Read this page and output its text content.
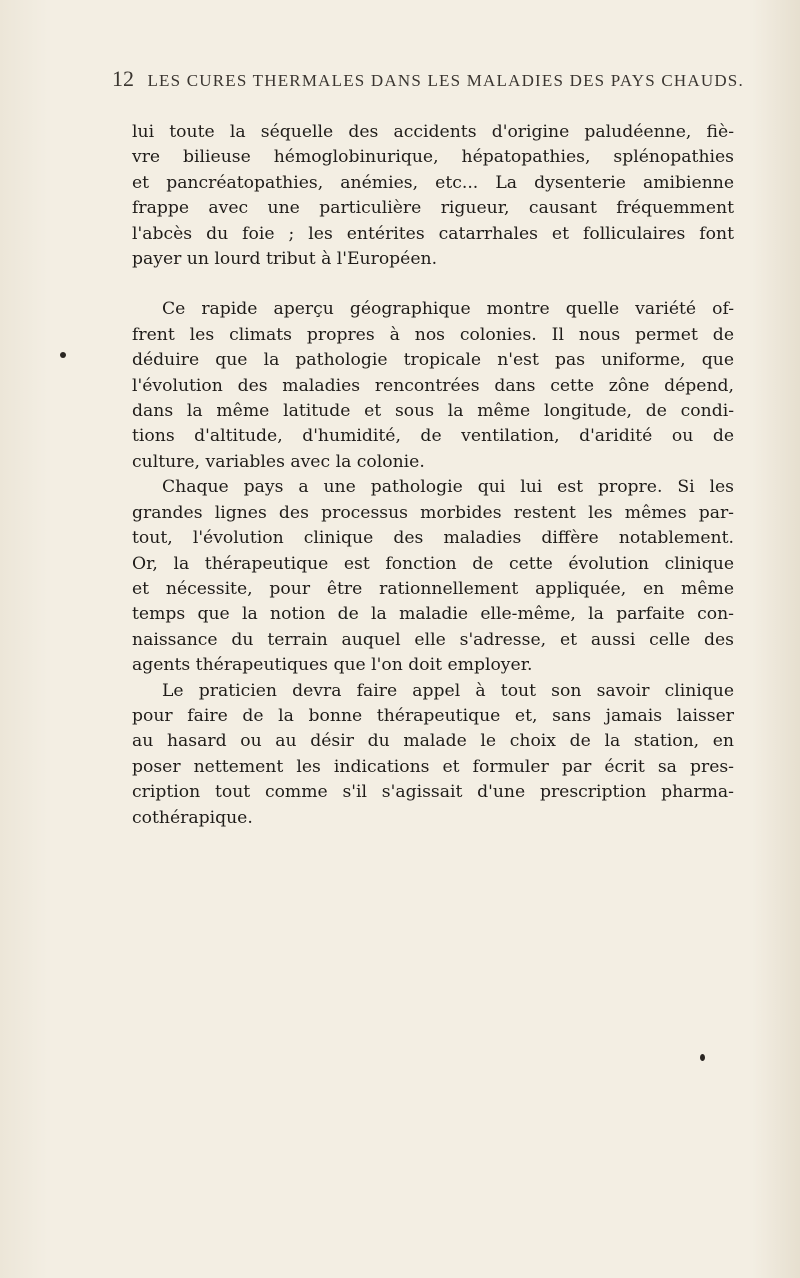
12 LES CURES THERMALES DANS LES MALADIES DES PAYS CHAUDS.
lui toute la séquelle des accidents d'origine paludéenne, fiè-
vre bilieuse hémoglobinurique, hépatopathies, splénopathies
et pancréatopathies, anémies, etc... La dysenterie amibienne
frappe avec une particulière rigueur, causant fréquemment
l'abcès du foie ; les entérites catarrhales et folliculaires font
payer un lourd tribut à l'Européen.
Ce rapide aperçu géographique montre quelle variété of-
frent les climats propres à nos colonies. Il nous permet de
déduire que la pathologie tropicale n'est pas uniforme, que
l'évolution des maladies rencontrées dans cette zône dépend,
dans la même latitude et sous la même longitude, de condi-
tions d'altitude, d'humidité, de ventilation, d'aridité ou de
culture, variables avec la colonie.
Chaque pays a une pathologie qui lui est propre. Si les
grandes lignes des processus morbides restent les mêmes par-
tout, l'évolution clinique des maladies diffère notablement.
Or, la thérapeutique est fonction de cette évolution clinique
et nécessite, pour être rationnellement appliquée, en même
temps que la notion de la maladie elle-même, la parfaite con-
naissance du terrain auquel elle s'adresse, et aussi celle des
agents thérapeutiques que l'on doit employer.
Le praticien devra faire appel à tout son savoir clinique
pour faire de la bonne thérapeutique et, sans jamais laisser
au hasard ou au désir du malade le choix de la station, en
poser nettement les indications et formuler par écrit sa pres-
cription tout comme s'il s'agissait d'une prescription pharma-
cothérapique.
